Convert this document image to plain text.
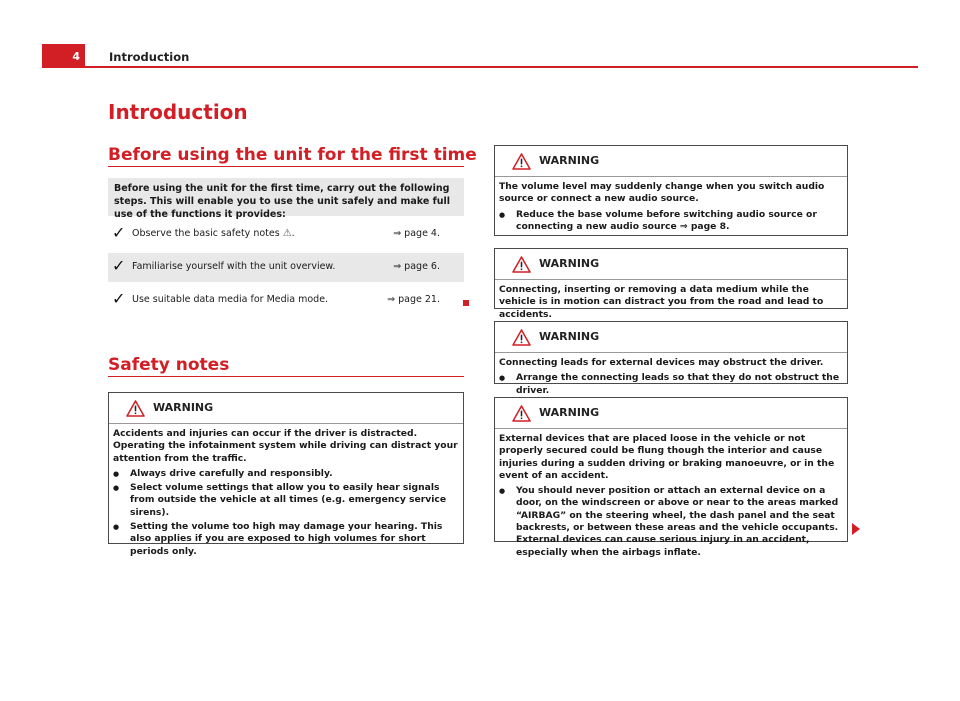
4	Introduction
Introduction
Before using the unit for the first time
Before using the unit for the first time, carry out the following steps. This will enable you to use the unit safely and make full use of the functions it provides:
✓ Observe the basic safety notes ⚠.	⇒ page 4.
✓ Familiarise yourself with the unit overview.	⇒ page 6.
✓ Use suitable data media for Media mode.	⇒ page 21.
Safety notes
WARNING

Accidents and injuries can occur if the driver is distracted. Operating the infotainment system while driving can distract your attention from the traffic.

● Always drive carefully and responsibly.

● Select volume settings that allow you to easily hear signals from outside the vehicle at all times (e.g. emergency service sirens).

● Setting the volume too high may damage your hearing. This also applies if you are exposed to high volumes for short periods only.

WARNING

The volume level may suddenly change when you switch audio source or connect a new audio source.

● Reduce the base volume before switching audio source or connecting a new audio source ⇒ page 8.

WARNING

Connecting, inserting or removing a data medium while the vehicle is in motion can distract you from the road and lead to accidents.

WARNING

Connecting leads for external devices may obstruct the driver.

● Arrange the connecting leads so that they do not obstruct the driver.

WARNING

External devices that are placed loose in the vehicle or not properly secured could be flung though the interior and cause injuries during a sudden driving or braking manoeuvre, or in the event of an accident.

● You should never position or attach an external device on a door, on the windscreen or above or near to the areas marked “AIRBAG” on the steering wheel, the dash panel and the seat backrests, or between these areas and the vehicle occupants. External devices can cause serious injury in an accident, especially when the airbags inflate.
